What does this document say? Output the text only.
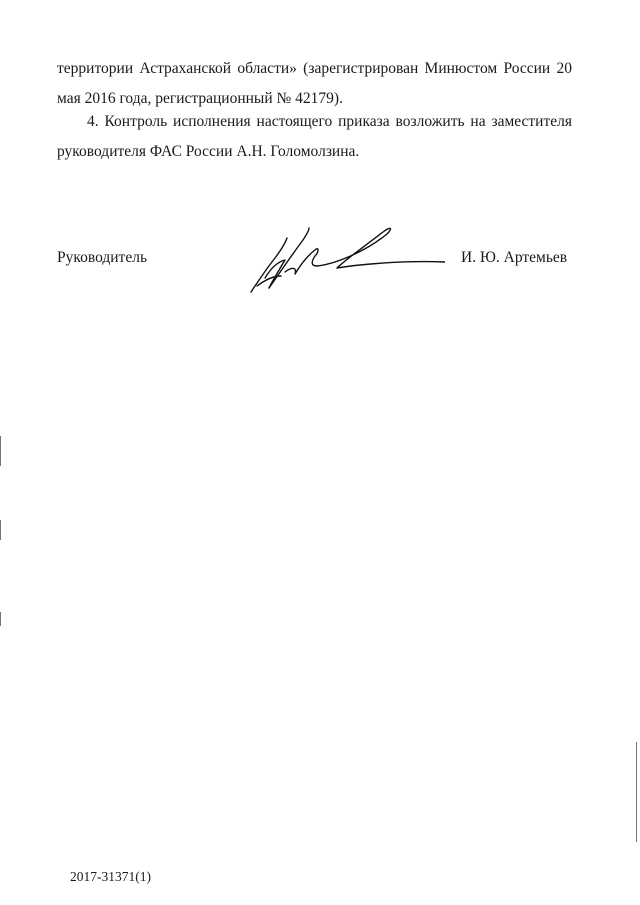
территории Астраханской области» (зарегистрирован Минюстом России 20 мая 2016 года, регистрационный № 42179).

4. Контроль исполнения настоящего приказа возложить на заместителя руководителя ФАС России А.Н. Голомолзина.

Руководитель	И. Ю. Артемьев
2017-31371(1)
